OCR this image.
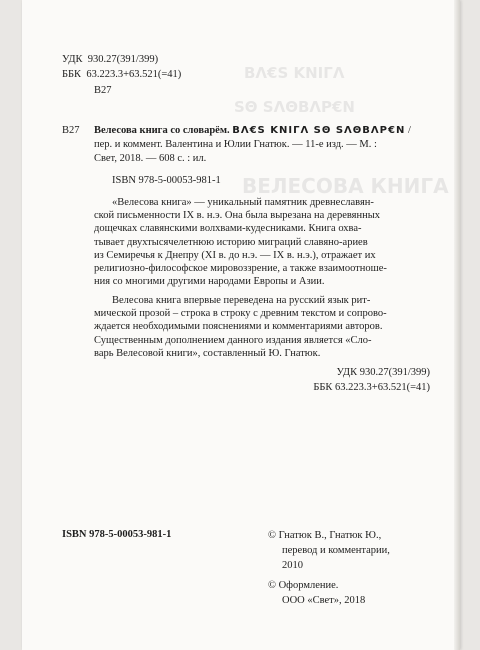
ΒΛ€Ѕ ΚΝΙΓΛ
ЅΘ ЅΛΘΒΛΡ€Ν
ВЕЛЕСОВА КНИГА
УДК 930.27(391/399)
ББК 63.223.3+63.521(=41)
В27
В27 Велесова книга со словарём. ВΛ€Ѕ ΚΝΙΓΛ ЅΘ ЅΛΘΒΛΡ€Ν /
пер. и коммент. Валентина и Юлии Гнатюк. — 11-е изд. — М. :
Свет, 2018. — 608 с. : ил.
ISBN 978-5-00053-981-1
«Велесова книга» — уникальный памятник древнеславян-
ской письменности IX в. н.э. Она была вырезана на деревянных
дощечках славянскими волхвами-кудесниками. Книга охва-
тывает двухтысячелетнюю историю миграций славяно-ариев
из Семиречья к Днепру (XI в. до н.э. — IX в. н.э.), отражает их
религиозно-философское мировоззрение, а также взаимоотноше-
ния со многими другими народами Европы и Азии.
Велесова книга впервые переведена на русский язык рит-
мической прозой – строка в строку с древним текстом и сопрово-
ждается необходимыми пояснениями и комментариями авторов.
Существенным дополнением данного издания является «Сло-
варь Велесовой книги», составленный Ю. Гнатюк.
УДК 930.27(391/399)
ББК 63.223.3+63.521(=41)
ISBN 978-5-00053-981-1	© Гнатюк В., Гнатюк Ю.,
перевод и комментарии,
2010
© Оформление.
ООО «Свет», 2018
